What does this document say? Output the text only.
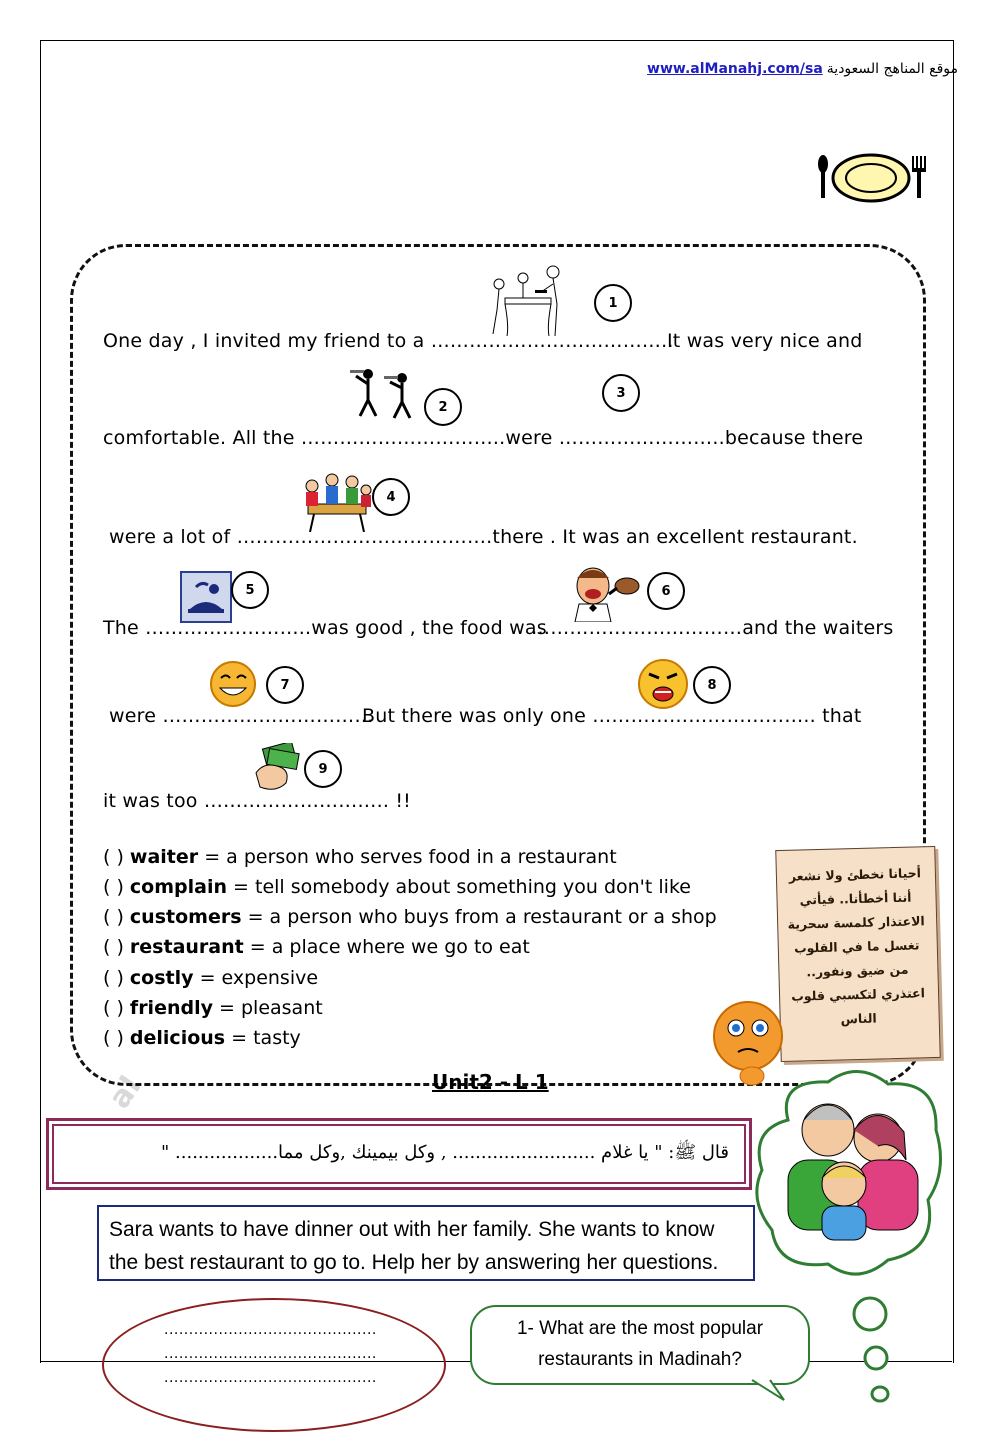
al
www.alManahj.com/sa موقع المناهج السعودية
1
2
3
4
5	6
7	8
9
One day , I invited my friend to a ………………………………..
It was very nice and
comfortable. All the …………………………..were ……………………..because there
were a lot of ………………………………….there . It was an excellent restaurant.
The ……………………..was good , the food was
……………………………and the waiters
were ……………………………
But there was only one …………………………….. that
it was too ……………………….. !!
( ) waiter = a person who serves food in a restaurant
( ) complain = tell somebody about something you don't like
( ) customers = a person who buys from a restaurant or a shop
( ) restaurant = a place where we go to eat
( ) costly = expensive
( ) friendly = pleasant
( ) delicious = tasty
أحيانا نخطئ ولا نشعر أننا أخطأنا.. فيأتي الاعتذار كلمسة سحرية تغسل ما في القلوب من ضيق ونفور.. اعتذري لتكسبي قلوب الناس
Unit2 - L 1
قال ﷺ: " يا غلام ......................... , وكل بيمينك ,وكل مما.................. "
Sara wants to have dinner out with her family. She wants to know the best restaurant to go to. Help her by answering her questions.
...........................................
...........................................
...........................................
1- What are the most popular restaurants in Madinah?
